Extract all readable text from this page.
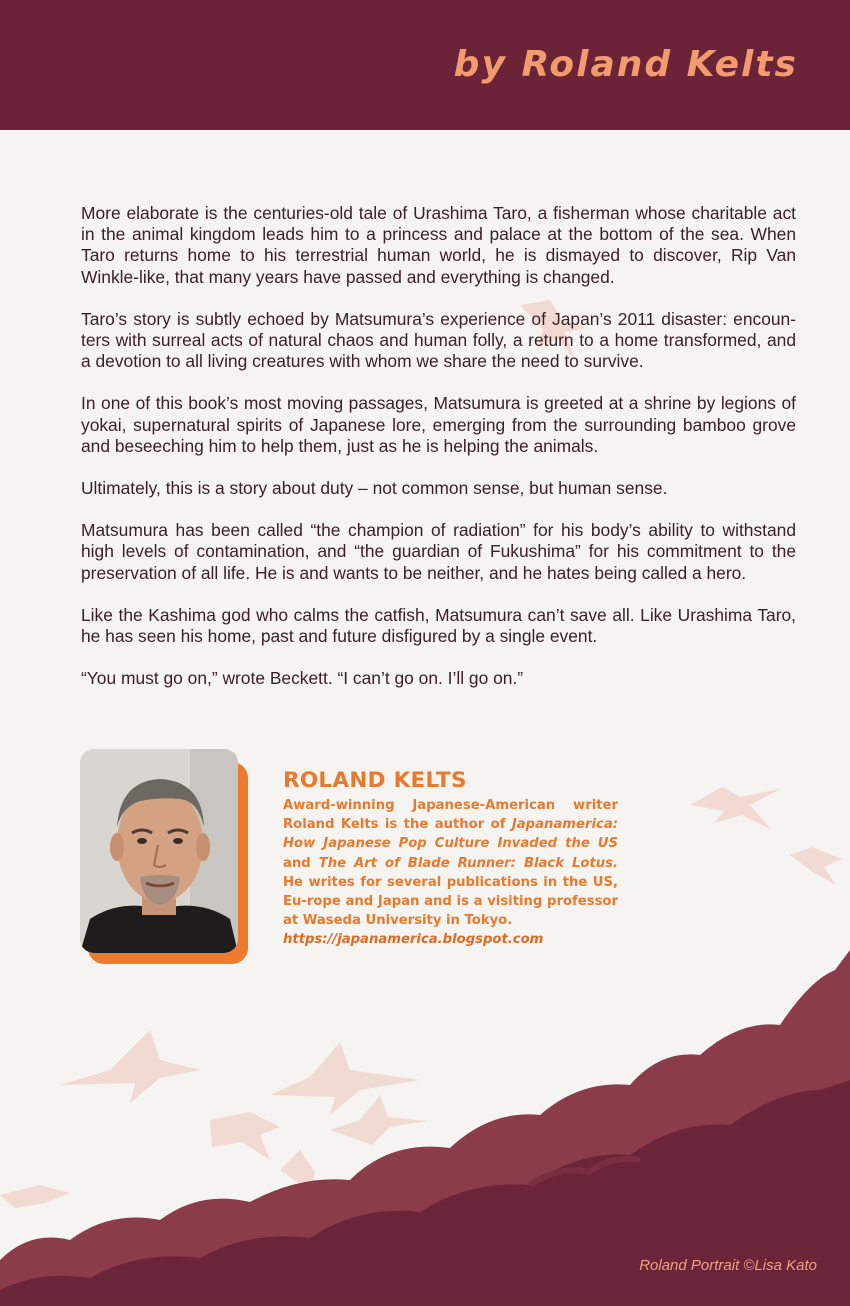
by Roland Kelts

More elaborate is the centuries-old tale of Urashima Taro, a fisherman whose charitable act in the animal kingdom leads him to a princess and palace at the bottom of the sea. When Taro returns home to his terrestrial human world, he is dismayed to discover, Rip Van Winkle-like, that many years have passed and everything is changed.

Taro’s story is subtly echoed by Matsumura’s experience of Japan’s 2011 disaster: encoun-ters with surreal acts of natural chaos and human folly, a return to a home transformed, and a devotion to all living creatures with whom we share the need to survive.

In one of this book’s most moving passages, Matsumura is greeted at a shrine by legions of yokai, supernatural spirits of Japanese lore, emerging from the surrounding bamboo grove and beseeching him to help them, just as he is helping the animals.

Ultimately, this is a story about duty – not common sense, but human sense.

Matsumura has been called “the champion of radiation” for his body’s ability to withstand high levels of contamination, and “the guardian of Fukushima” for his commitment to the preservation of all life. He is and wants to be neither, and he hates being called a hero.

Like the Kashima god who calms the catfish, Matsumura can’t save all. Like Urashima Taro, he has seen his home, past and future disfigured by a single event.

“You must go on,” wrote Beckett. “I can’t go on. I’ll go on.”

ROLAND KELTS
Award-winning Japanese-American writer Roland Kelts is the author of Japanamerica: How Japanese Pop Culture Invaded the US and The Art of Blade Runner: Black Lotus. He writes for several publications in the US, Eu-rope and Japan and is a visiting professor at Waseda University in Tokyo.
https://japanamerica.blogspot.com
Roland Portrait ©Lisa Kato
